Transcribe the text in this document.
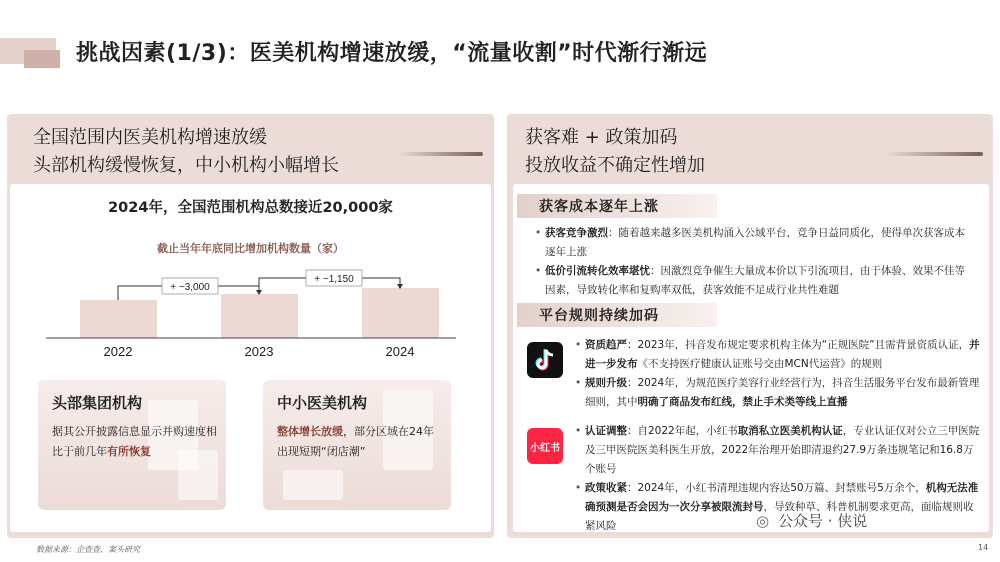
挑战因素(1/3)：医美机构增速放缓，“流量收割”时代渐行渐远
全国范围内医美机构增速放缓
头部机构缓慢恢复，中小机构小幅增长
2024年，全国范围机构总数接近20,000家
截止当年年底同比增加机构数量（家）
+ ~3,000
+ ~1,150
2022	2023	2024
头部集团机构
据其公开披露信息显示并购速度相比于前几年有所恢复
中小医美机构
整体增长放缓，部分区域在24年出现短期“闭店潮”
获客难 + 政策加码
投放收益不确定性增加
获客成本逐年上涨
• 获客竞争激烈：随着越来越多医美机构涌入公域平台，竞争日益同质化，使得单次获客成本逐年上涨
• 低价引流转化效率堪忧：因激烈竞争催生大量成本价以下引流项目，由于体验、效果不佳等因素，导致转化率和复购率双低，获客效能不足成行业共性难题
平台规则持续加码
• 资质趋严：2023年，抖音发布规定要求机构主体为“正规医院”且需背景资质认证，并进一步发布《不支持医疗健康认证账号交由MCN代运营》的规则
• 规则升级：2024年，为规范医疗美容行业经营行为，抖音生活服务平台发布最新管理细则，其中明确了商品发布红线，禁止手术类等线上直播
小红书
• 认证调整：自2022年起，小红书取消私立医美机构认证，专业认证仅对公立三甲医院及三甲医院医美科医生开放，2022年治理开始即清退约27.9万条违规笔记和16.8万个账号
• 政策收紧：2024年，小红书清理违规内容达50万篇、封禁账号5万余个，机构无法准确预测是否会因为一次分享被限流封号，导致种草、科普机制要求更高，面临规则收紧风险
数据来源：企查查、案头研究
◎ 公众号 · 侠说
14
